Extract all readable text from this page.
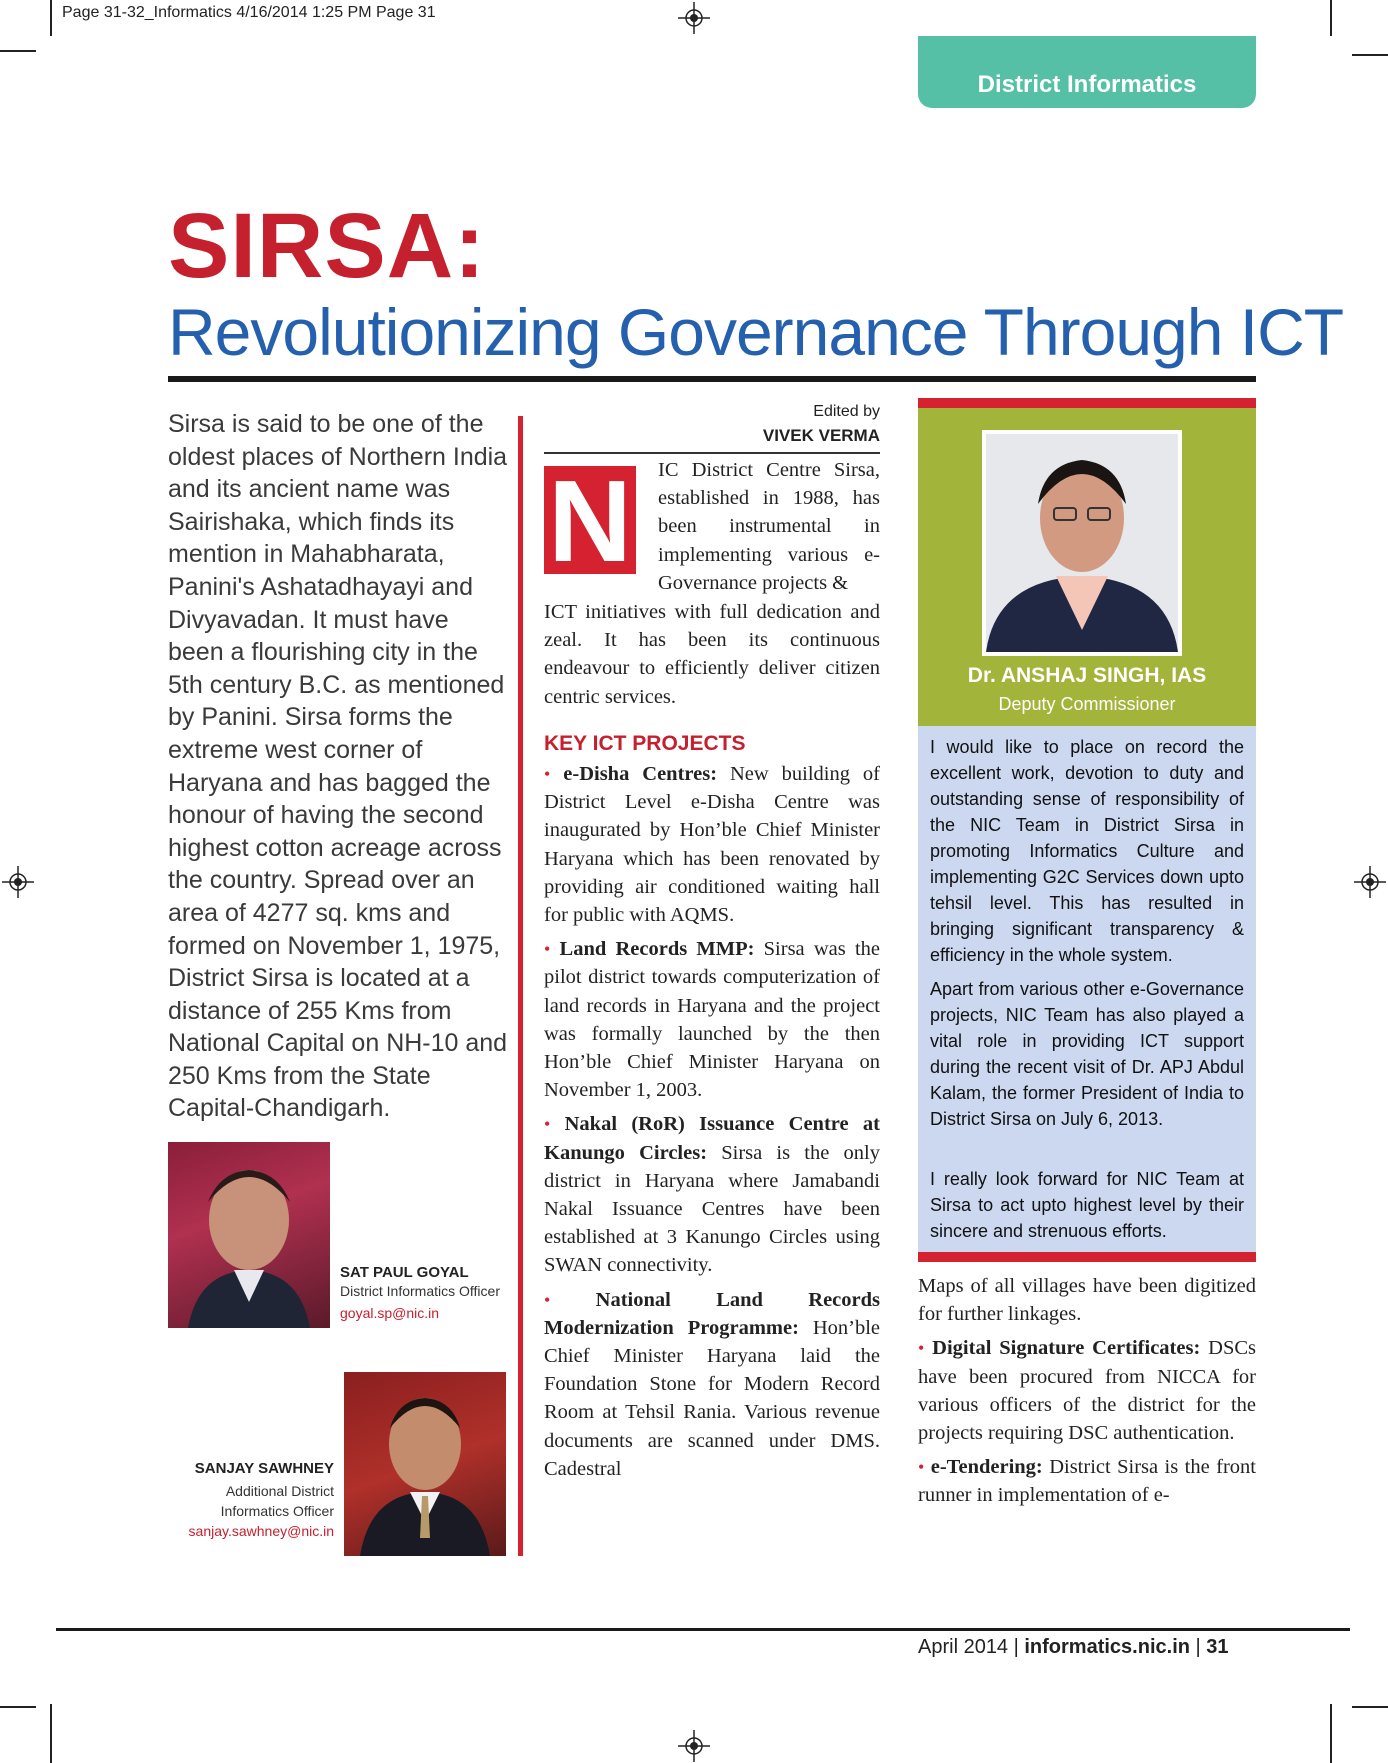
Page 31-32_Informatics 4/16/2014 1:25 PM Page 31
District Informatics
SIRSA:
Revolutionizing Governance Through ICT
Sirsa is said to be one of the oldest places of Northern India and its ancient name was Sairishaka, which finds its mention in Mahabharata, Panini's Ashatadhayayi and Divyavadan. It must have been a flourishing city in the 5th century B.C. as mentioned by Panini. Sirsa forms the extreme west corner of Haryana and has bagged the honour of having the second highest cotton acreage across the country. Spread over an area of 4277 sq. kms and formed on November 1, 1975, District Sirsa is located at a distance of 255 Kms from National Capital on NH-10 and 250 Kms from the State Capital-Chandigarh.
SAT PAUL GOYAL
District Informatics Officer
goyal.sp@nic.in
SANJAY SAWHNEY
Additional District
Informatics Officer
sanjay.sawhney@nic.in
Edited by
VIVEK VERMA
N IC District Centre Sirsa, established in 1988, has been instrumental in implementing various e-Governance projects &
ICT initiatives with full dedication and zeal. It has been its continuous endeavour to efficiently deliver citizen centric services.
KEY ICT PROJECTS
• e-Disha Centres: New building of District Level e-Disha Centre was inaugurated by Hon’ble Chief Minister Haryana which has been renovated by providing air conditioned waiting hall for public with AQMS.
• Land Records MMP: Sirsa was the pilot district towards computerization of land records in Haryana and the project was formally launched by the then Hon’ble Chief Minister Haryana on November 1, 2003.
• Nakal (RoR) Issuance Centre at Kanungo Circles: Sirsa is the only district in Haryana where Jamabandi Nakal Issuance Centres have been established at 3 Kanungo Circles using SWAN connectivity.
• National Land Records Modernization Programme: Hon’ble Chief Minister Haryana laid the Foundation Stone for Modern Record Room at Tehsil Rania. Various revenue documents are scanned under DMS. Cadestral
Dr. ANSHAJ SINGH, IAS
Deputy Commissioner
I would like to place on record the excellent work, devotion to duty and outstanding sense of responsibility of the NIC Team in District Sirsa in promoting Informatics Culture and implementing G2C Services down upto tehsil level. This has resulted in bringing significant transparency & efficiency in the whole system.
Apart from various other e-Governance projects, NIC Team has also played a vital role in providing ICT support during the recent visit of Dr. APJ Abdul Kalam, the former President of India to District Sirsa on July 6, 2013.
I really look forward for NIC Team at Sirsa to act upto highest level by their sincere and strenuous efforts.
Maps of all villages have been digitized for further linkages.
• Digital Signature Certificates: DSCs have been procured from NICCA for various officers of the district for the projects requiring DSC authentication.
• e-Tendering: District Sirsa is the front runner in implementation of e-
April 2014 | informatics.nic.in | 31
